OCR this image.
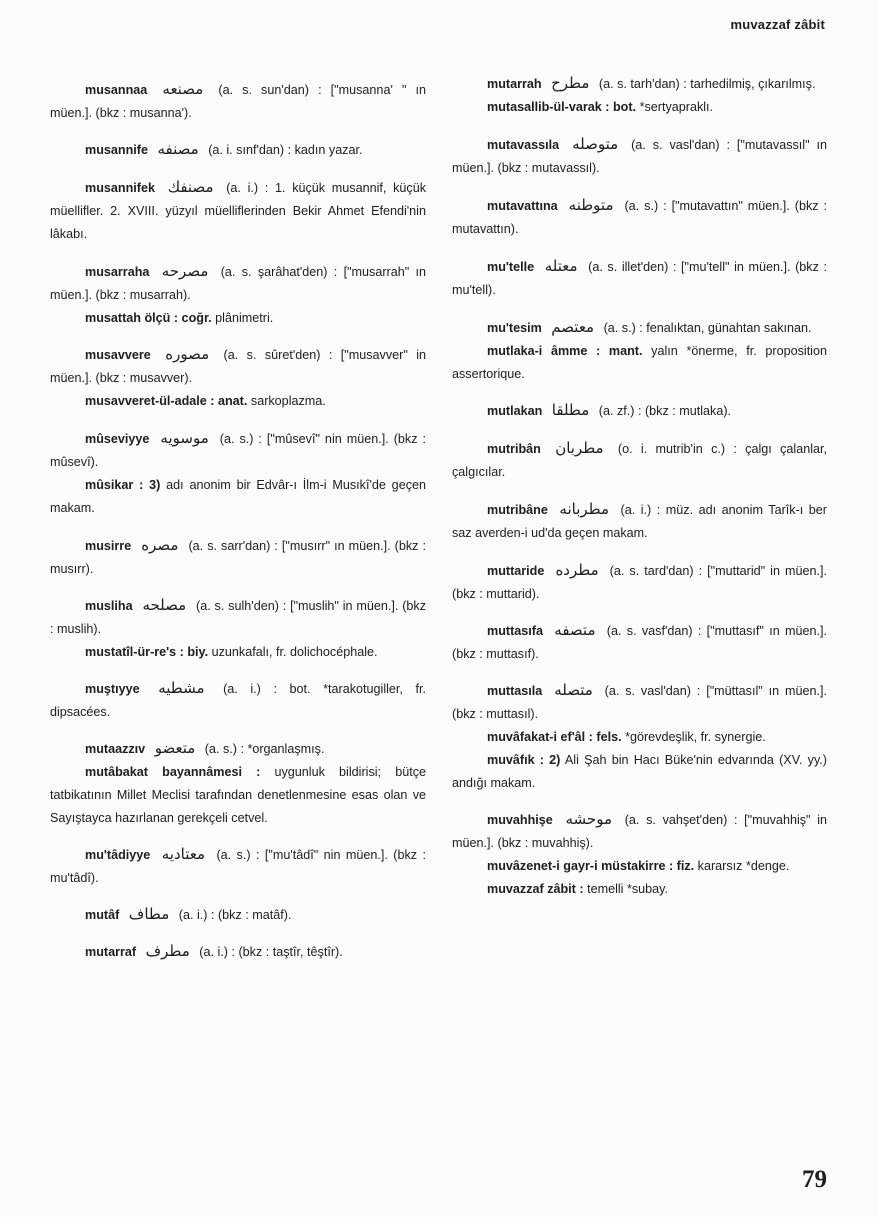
muvazzaf zâbit

musannaa مصنعه (a. s. sun'dan) : ["musanna' " ın müen.]. (bkz : musanna').

musannife مصنفه (a. i. sınf'dan) : kadın yazar.

musannifek مصنفك (a. i.) : 1. küçük musannif, küçük müellifler. 2. XVIII. yüzyıl müelliflerinden Bekir Ahmet Efendi'nin lâkabı.

musarraha مصرحه (a. s. şarâhat'den) : ["musarrah" ın müen.]. (bkz : musarrah).

musattah ölçü : coğr. plânimetri.

musavvere مصوره (a. s. sûret'den) : ["musavver" in müen.]. (bkz : musavver).

musavveret-ül-adale : anat. sarkoplazma.

mûseviyye موسويه (a. s.) : ["mûsevî" nin müen.]. (bkz : mûsevî).

mûsikar : 3) adı anonim bir Edvâr-ı İlm-i Musıkî'de geçen makam.

musirre مصره (a. s. sarr'dan) : ["musırr" ın müen.]. (bkz : musırr).

musliha مصلحه (a. s. sulh'den) : ["muslih" in müen.]. (bkz : muslih).

mustatîl-ür-re's : biy. uzunkafalı, fr. dolichocéphale.

muştıyye مشطيه (a. i.) : bot. *tarakotugiller, fr. dipsacées.

mutaazzıv متعضو (a. s.) : *organlaşmış.

mutâbakat bayannâmesi : uygunluk bildirisi; bütçe tatbikatının Millet Meclisi tarafından denetlenmesine esas olan ve Sayıştayca hazırlanan gerekçeli cetvel.

mu'tâdiyye معتاديه (a. s.) : ["mu'tâdî" nin müen.]. (bkz : mu'tâdî).

mutâf مطاف (a. i.) : (bkz : matâf).

mutarraf مطرف (a. i.) : (bkz : taştîr, têştîr).

mutarrah مطرح (a. s. tarh'dan) : tarhedilmiş, çıkarılmış.

mutasallib-ül-varak : bot. *sertyapraklı.

mutavassıla متوصله (a. s. vasl'dan) : ["mutavassıl" ın müen.]. (bkz : mutavassıl).

mutavattına متوطنه (a. s.) : ["mutavattın" müen.]. (bkz : mutavattın).

mu'telle معتله (a. s. illet'den) : ["mu'tell" in müen.]. (bkz : mu'tell).

mu'tesim معتصم (a. s.) : fenalıktan, günahtan sakınan.

mutlaka-i âmme : mant. yalın *önerme, fr. proposition assertorique.

mutlakan مطلقا (a. zf.) : (bkz : mutlaka).

mutribân مطربان (o. i. mutrib'in c.) : çalgı çalanlar, çalgıcılar.

mutribâne مطربانه (a. i.) : müz. adı anonim Tarîk-ı ber saz averden-i ud'da geçen makam.

muttaride مطرده (a. s. tard'dan) : ["muttarid" in müen.]. (bkz : muttarid).

muttasıfa متصفه (a. s. vasf'dan) : ["muttasıf" ın müen.]. (bkz : muttasıf).

muttasıla متصله (a. s. vasl'dan) : ["müttasıl" ın müen.]. (bkz : muttasıl).

muvâfakat-i ef'âl : fels. *görevdeşlik, fr. synergie.

muvâfık : 2) Ali Şah bin Hacı Büke'nin edvarında (XV. yy.) andığı makam.

muvahhişe موحشه (a. s. vahşet'den) : ["muvahhiş" in müen.]. (bkz : muvahhiş).

muvâzenet-i gayr-i müstakirre : fiz. kararsız *denge.

muvazzaf zâbit : temelli *subay.

79
